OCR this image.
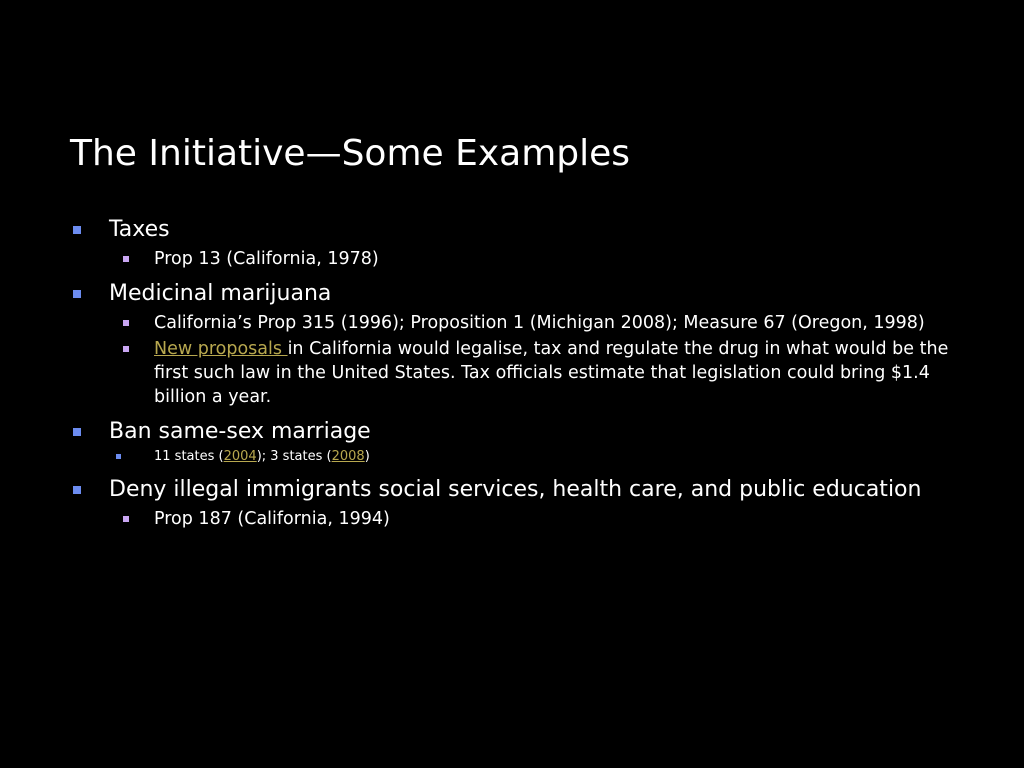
The Initiative—Some Examples
Taxes
Prop 13 (California, 1978)
Medicinal marijuana
California’s Prop 315 (1996); Proposition 1 (Michigan 2008); Measure 67 (Oregon, 1998)
New proposals in California would legalise, tax and regulate the drug in what would be the first such law in the United States. Tax officials estimate that legislation could bring $1.4 billion a year.
Ban same-sex marriage
11 states (2004); 3 states (2008)
Deny illegal immigrants social services, health care, and public education
Prop 187 (California, 1994)
